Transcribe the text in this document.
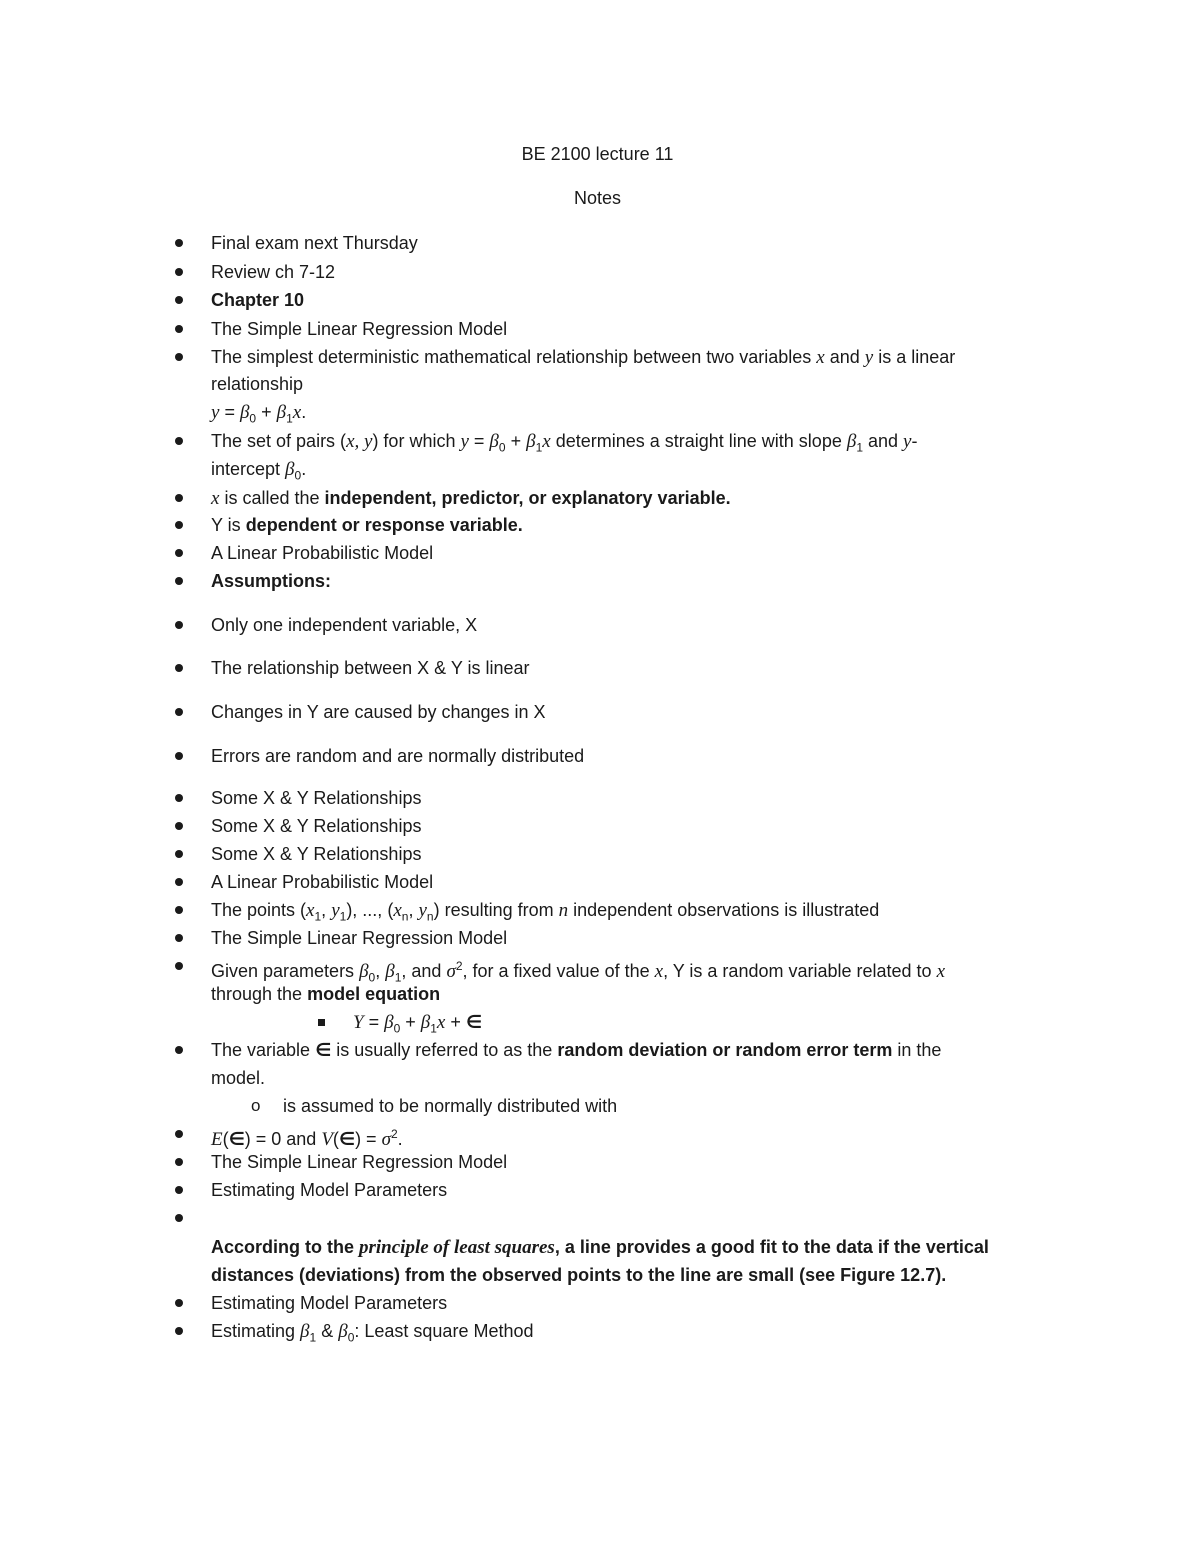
BE 2100 lecture 11
Notes
Final exam next Thursday
Review ch 7-12
Chapter 10
The Simple Linear Regression Model
The simplest deterministic mathematical relationship between two variables x and y is a linear
relationship
$y = \beta_0 + \beta_1x$.
The set of pairs (x, y) for which $y = \beta_0 + \beta_1x$ determines a straight line with slope $\beta_1$ and y-
intercept $\beta_0$.
x is called the independent, predictor, or explanatory variable.
Y is dependent or response variable.
A Linear Probabilistic Model
Assumptions:
Only one independent variable, X
The relationship between X & Y is linear
Changes in Y are caused by changes in X
Errors are random and are normally distributed
Some X & Y Relationships
Some X & Y Relationships
Some X & Y Relationships
A Linear Probabilistic Model
The points ($x_1$, $y_1$), ..., ($x_n$, $y_n$) resulting from n independent observations is illustrated
The Simple Linear Regression Model
Given parameters $\beta_0$, $\beta_1$, and $\sigma^2$, for a fixed value of the x, Y is a random variable related to x
through the model equation
$Y = \beta_0 + \beta_1x$ + ∈
The variable ∈ is usually referred to as the random deviation or random error term in the
model.
o is assumed to be normally distributed with
E(∈) = 0 and V(∈) = $\sigma^2$.
The Simple Linear Regression Model
Estimating Model Parameters
According to the principle of least squares, a line provides a good fit to the data if the vertical
distances (deviations) from the observed points to the line are small (see Figure 12.7).
Estimating Model Parameters
Estimating $\beta_1$ & $\beta_0$: Least square Method
